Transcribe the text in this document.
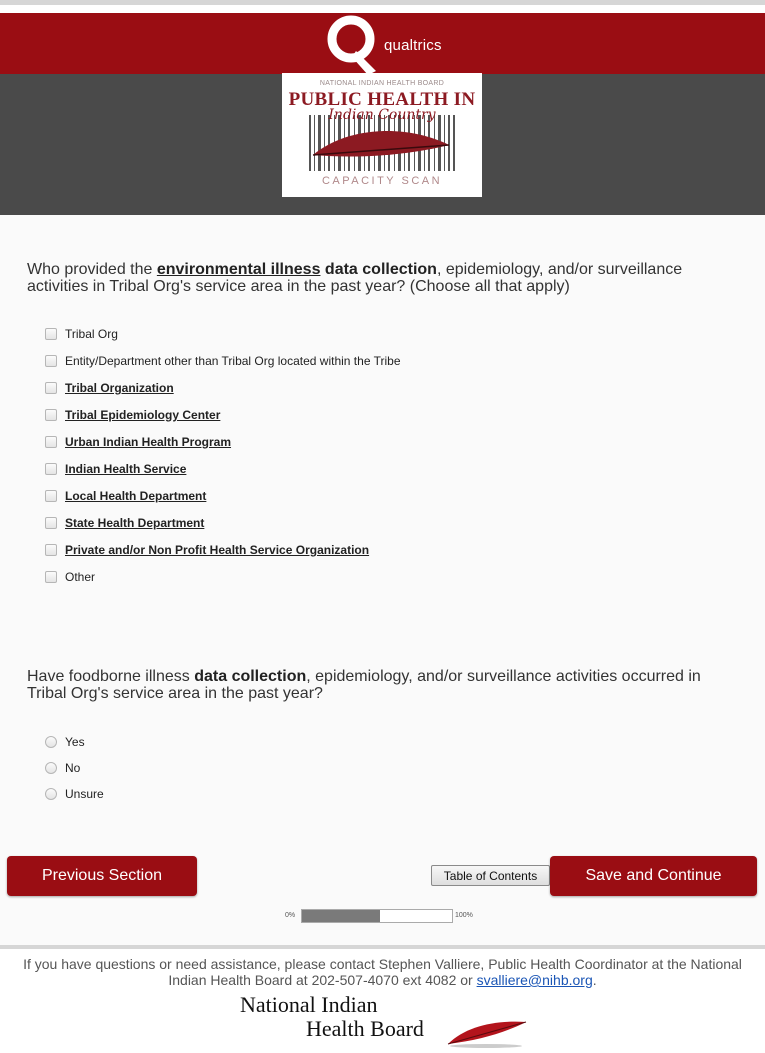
qualtrics
NATIONAL INDIAN HEALTH BOARD
PUBLIC HEALTH IN
Indian Country
CAPACITY SCAN
Who provided the environmental illness data collection, epidemiology, and/or surveillance activities in Tribal Org's service area in the past year? (Choose all that apply)
Tribal Org
Entity/Department other than Tribal Org located within the Tribe
Tribal Organization
Tribal Epidemiology Center
Urban Indian Health Program
Indian Health Service
Local Health Department
State Health Department
Private and/or Non Profit Health Service Organization
Other
Have foodborne illness data collection, epidemiology, and/or surveillance activities occurred in Tribal Org's service area in the past year?
Yes
No
Unsure
Previous Section	Table of Contents	Save and Continue
0%	100%
If you have questions or need assistance, please contact Stephen Valliere, Public Health Coordinator at the National Indian Health Board at 202-507-4070 ext 4082 or svalliere@nihb.org.
National Indian
Health Board
